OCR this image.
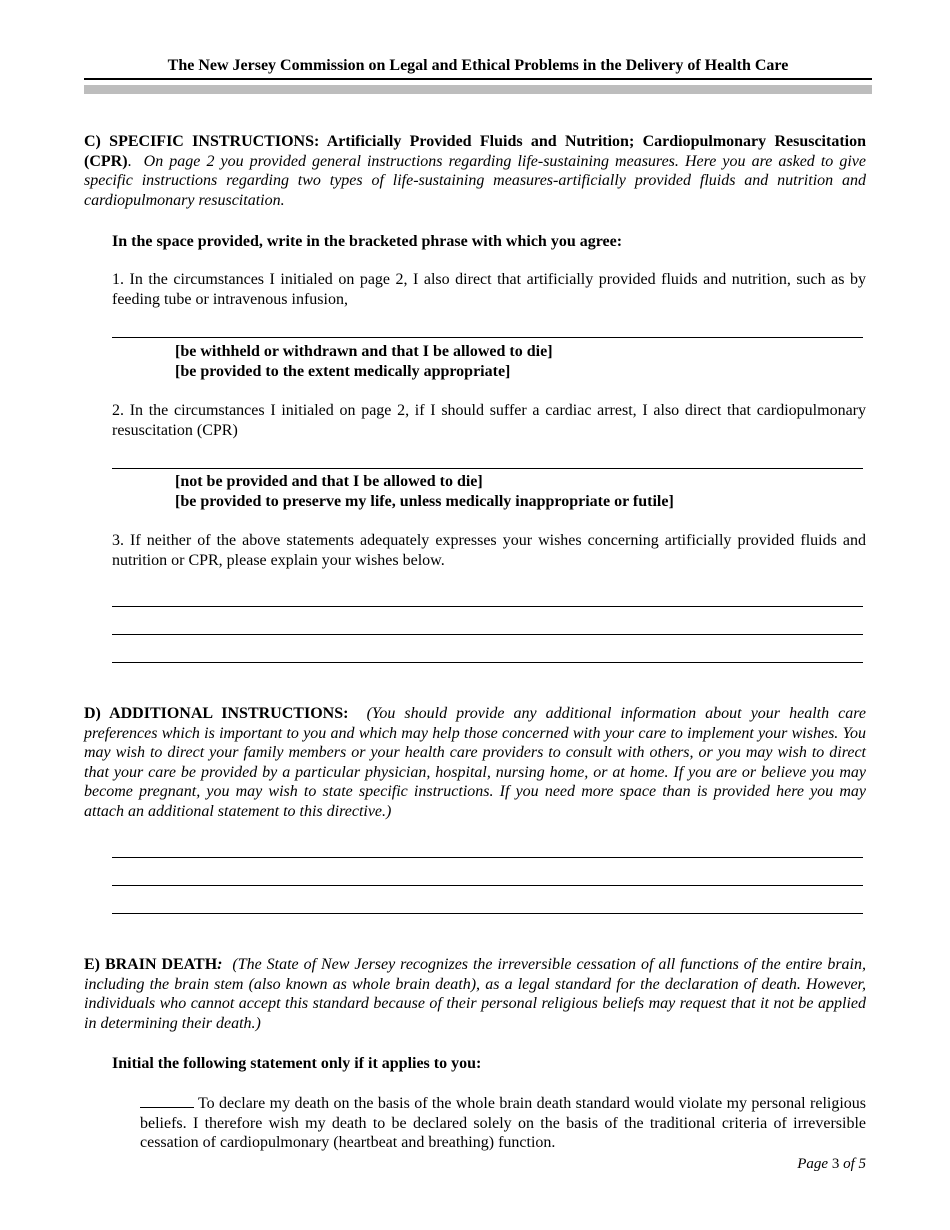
The New Jersey Commission on Legal and Ethical Problems in the Delivery of Health Care
C) SPECIFIC INSTRUCTIONS: Artificially Provided Fluids and Nutrition; Cardiopulmonary Resuscitation (CPR). On page 2 you provided general instructions regarding life-sustaining measures. Here you are asked to give specific instructions regarding two types of life-sustaining measures-artificially provided fluids and nutrition and cardiopulmonary resuscitation.
In the space provided, write in the bracketed phrase with which you agree:
1. In the circumstances I initialed on page 2, I also direct that artificially provided fluids and nutrition, such as by feeding tube or intravenous infusion,
[be withheld or withdrawn and that I be allowed to die]
[be provided to the extent medically appropriate]
2. In the circumstances I initialed on page 2, if I should suffer a cardiac arrest, I also direct that cardiopulmonary resuscitation (CPR)
[not be provided and that I be allowed to die]
[be provided to preserve my life, unless medically inappropriate or futile]
3. If neither of the above statements adequately expresses your wishes concerning artificially provided fluids and nutrition or CPR, please explain your wishes below.
D) ADDITIONAL INSTRUCTIONS: (You should provide any additional information about your health care preferences which is important to you and which may help those concerned with your care to implement your wishes. You may wish to direct your family members or your health care providers to consult with others, or you may wish to direct that your care be provided by a particular physician, hospital, nursing home, or at home. If you are or believe you may become pregnant, you may wish to state specific instructions. If you need more space than is provided here you may attach an additional statement to this directive.)
E) BRAIN DEATH: (The State of New Jersey recognizes the irreversible cessation of all functions of the entire brain, including the brain stem (also known as whole brain death), as a legal standard for the declaration of death. However, individuals who cannot accept this standard because of their personal religious beliefs may request that it not be applied in determining their death.)
Initial the following statement only if it applies to you:
To declare my death on the basis of the whole brain death standard would violate my personal religious beliefs. I therefore wish my death to be declared solely on the basis of the traditional criteria of irreversible cessation of cardiopulmonary (heartbeat and breathing) function.
Page 3 of 5
